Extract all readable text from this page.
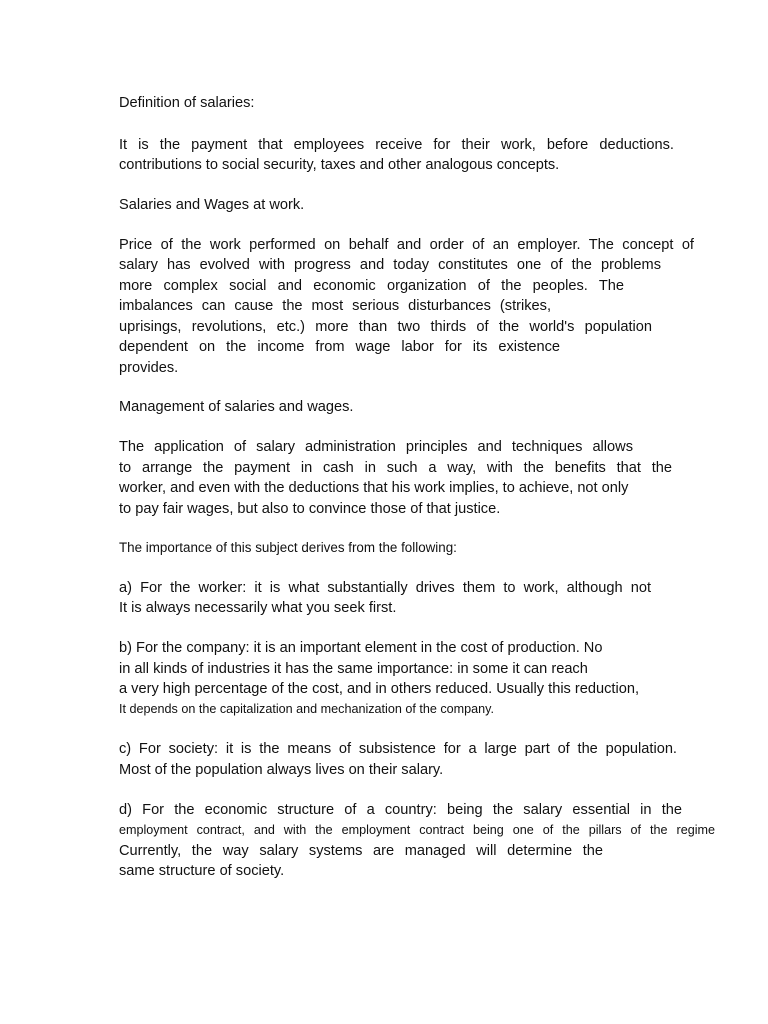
Definition of salaries:

It is the payment that employees receive for their work, before deductions.

contributions to social security, taxes and other analogous concepts.

Salaries and Wages at work.

Price of the work performed on behalf and order of an employer. The concept of

salary has evolved with progress and today constitutes one of the problems

more complex social and economic organization of the peoples. The

imbalances can cause the most serious disturbances (strikes,

uprisings, revolutions, etc.) more than two thirds of the world's population

dependent on the income from wage labor for its existence

provides.

Management of salaries and wages.

The application of salary administration principles and techniques allows

to arrange the payment in cash in such a way, with the benefits that the

worker, and even with the deductions that his work implies, to achieve, not only

to pay fair wages, but also to convince those of that justice.

The importance of this subject derives from the following:

a) For the worker: it is what substantially drives them to work, although not

It is always necessarily what you seek first.

b) For the company: it is an important element in the cost of production. No

in all kinds of industries it has the same importance: in some it can reach

a very high percentage of the cost, and in others reduced. Usually this reduction,

It depends on the capitalization and mechanization of the company.

c) For society: it is the means of subsistence for a large part of the population.

Most of the population always lives on their salary.

d) For the economic structure of a country: being the salary essential in the

employment contract, and with the employment contract being one of the pillars of the regime

Currently, the way salary systems are managed will determine the

same structure of society.
